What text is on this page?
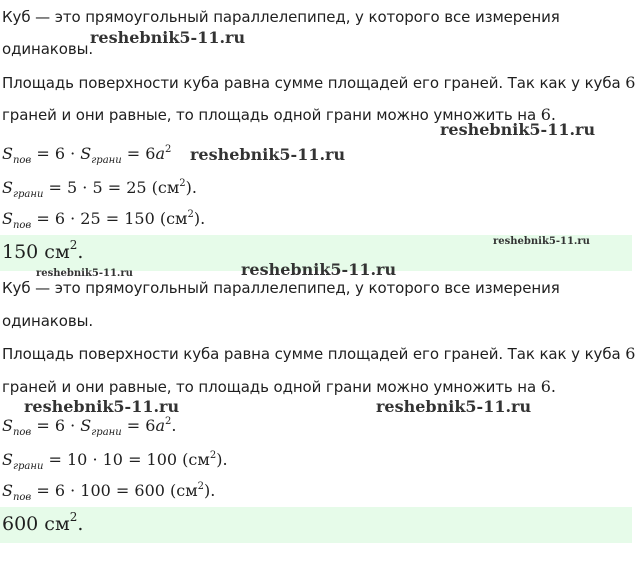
Куб — это прямоугольный параллелепипед, у которого все измерения
одинаковы.
Площадь поверхности куба равна сумме площадей его граней. Так как у куба 6
граней и они равные, то площадь одной грани можно умножить на 6.
$S_{пов} = 6 \cdot S_{грани} = 6a^2$
$S_{грани} = 5 \cdot 5 = 25$ $(см^2)$.
$S_{пов} = 6 \cdot 25 = 150$ $(см^2)$.
150 $см^2$.
Куб — это прямоугольный параллелепипед, у которого все измерения
одинаковы.
Площадь поверхности куба равна сумме площадей его граней. Так как у куба 6
граней и они равные, то площадь одной грани можно умножить на 6.
$S_{пов} = 6 \cdot S_{грани} = 6a^2$.
$S_{грани} = 10 \cdot 10 = 100$ $(см^2)$.
$S_{пов} = 6 \cdot 100 = 600$ $(см^2)$.
600 $см^2$.
reshebnik5-11.ru
reshebnik5-11.ru
reshebnik5-11.ru
reshebnik5-11.ru
reshebnik5-11.ru	reshebnik5-11.ru
reshebnik5-11.ru	reshebnik5-11.ru
